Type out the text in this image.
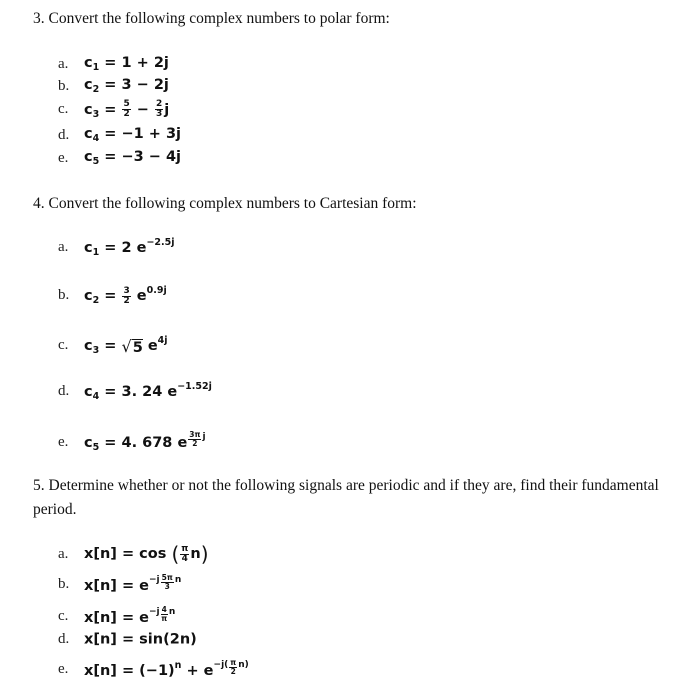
3. Convert the following complex numbers to polar form:
a. $c_1 = 1 + 2j$
b. $c_2 = 3 - 2j$
c. $c_3 = \frac{5}{2} - \frac{2}{3}$ j
d. $c_4 = -1 + 3j$
e. $c_5 = -3 - 4j$
4. Convert the following complex numbers to Cartesian form:
a. $c_1 = 2$ $e^{-2.5j}$
b. $c_2 = \frac{3}{2} e^{0.9j}$
c. $c_3 = √5$ $e^{4j}$
d. $c_4 = 3$. 24 $e^{-1.52j}$
e. $c_5 = 4$. 678 e $\frac{3\pi}{2} ^j$
5. Determine whether or not the following signals are periodic and if they are, find their fundamental
period.
a. x[n] = cos ( $\frac{\pi}{4} n$)
b. $x[n] = e^{-j} \frac{5\pi}{3} ^n$
c. $x[n] = e^{-j} \frac{4}{\pi} ^n$
d. x[n] = sin(2n)
e. $x[n] = (-1)^n + e^{-j(} \frac{\pi}{2} ^{n)}$
